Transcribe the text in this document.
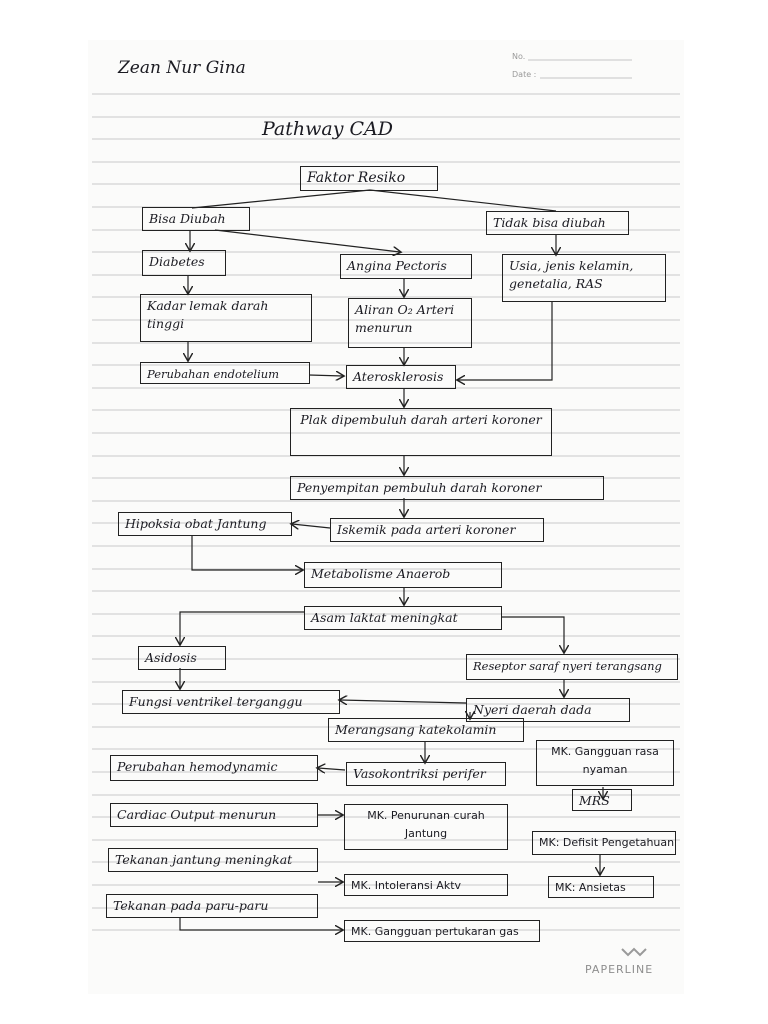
Zean Nur Gina
No.
Date :
Pathway CAD
Faktor Resiko
Bisa Diubah	Tidak bisa diubah
Diabetes	Angina Pectoris	Usia, jenis kelamin, genetalia, RAS
Kadar lemak darah tinggi
Aliran O₂ Arteri menurun
Perubahan endotelium	Aterosklerosis
Plak dipembuluh darah arteri koroner
Penyempitan pembuluh darah koroner
Hipoksia obat Jantung	Iskemik pada arteri koroner
Metabolisme Anaerob
Asam laktat meningkat
Asidosis
Reseptor saraf nyeri terangsang
Fungsi ventrikel terganggu
Nyeri daerah dada
Merangsang katekolamin
MK. Gangguan rasa nyaman
Perubahan hemodynamic	Vasokontriksi perifer
MRS
Cardiac Output menurun	MK. Penurunan curah Jantung
MK: Defisit Pengetahuan
Tekanan jantung meningkat
MK. Intoleransi Aktv	MK: Ansietas
Tekanan pada paru-paru
MK. Gangguan pertukaran gas
PAPERLINE
